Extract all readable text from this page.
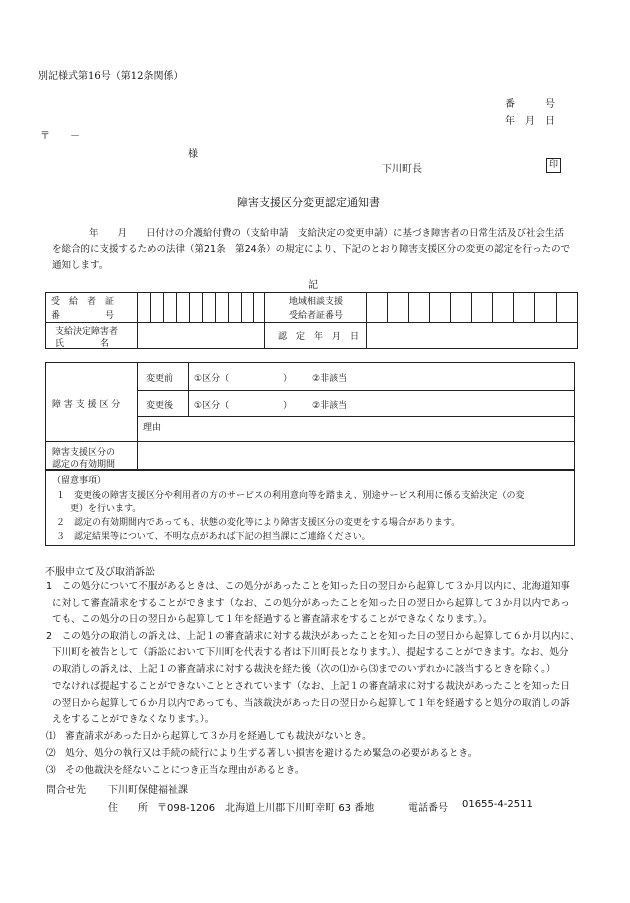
別記様式第16号（第12条関係）
番　　　号
年　月　日
〒　　－
様
下川町長	印
障害支援区分変更認定通知書
年　　月　　日付けの介護給付費の（支給申請　支給決定の変更申請）に基づき障害者の日常生活及び社会生活
を総合的に支援するための法律（第21条　第24条）の規定により、下記のとおり障害支援区分の変更の認定を行ったので
通知します。
記
受　給　者　証
番　　　　　号
地域相談支援
受給者証番号
支給決定障害者
氏　　　　名
認　定　年　月　日
障 害 支 援 区 分
変更前 ①区分（　　　　　　） ②非該当
変更後 ①区分（　　　　　　） ②非該当
理由
障害支援区分の
認定の有効期間
（留意事項）
１　変更後の障害支援区分や利用者の方のサービスの利用意向等を踏まえ、別途サービス利用に係る支給決定（の変
更）を行います。
２　認定の有効期間内であっても、状態の変化等により障害支援区分の変更をする場合があります。
３　認定結果等について、不明な点があれば下記の担当課にご連絡ください。
不服申立て及び取消訴訟
1　この処分について不服があるときは、この処分があったことを知った日の翌日から起算して３か月以内に、北海道知事
に対して審査請求をすることができます（なお、この処分があったことを知った日の翌日から起算して３か月以内であっ
ても、この処分の日の翌日から起算して１年を経過すると審査請求をすることができなくなります。）。
2　この処分の取消しの訴えは、上記１の審査請求に対する裁決があったことを知った日の翌日から起算して６か月以内に、
下川町を被告として（訴訟において下川町を代表する者は下川町長となります。）、提起することができます。なお、処分
の取消しの訴えは、上記１の審査請求に対する裁決を経た後（次の⑴から⑶までのいずれかに該当するときを除く。）
でなければ提起することができないこととされています（なお、上記１の審査請求に対する裁決があったことを知った日
の翌日から起算して６か月以内であっても、当該裁決があった日の翌日から起算して１年を経過すると処分の取消しの訴
えをすることができなくなります。）。
⑴　審査請求があった日から起算して３か月を経過しても裁決がないとき。
⑵　処分、処分の執行又は手続の続行により生ずる著しい損害を避けるため緊急の必要があるとき。
⑶　その他裁決を経ないことにつき正当な理由があるとき。
問合せ先 下川町保健福祉課
住　　所 〒098-1206　北海道上川郡下川町幸町 63 番地	電話番号 01655-4-2511
